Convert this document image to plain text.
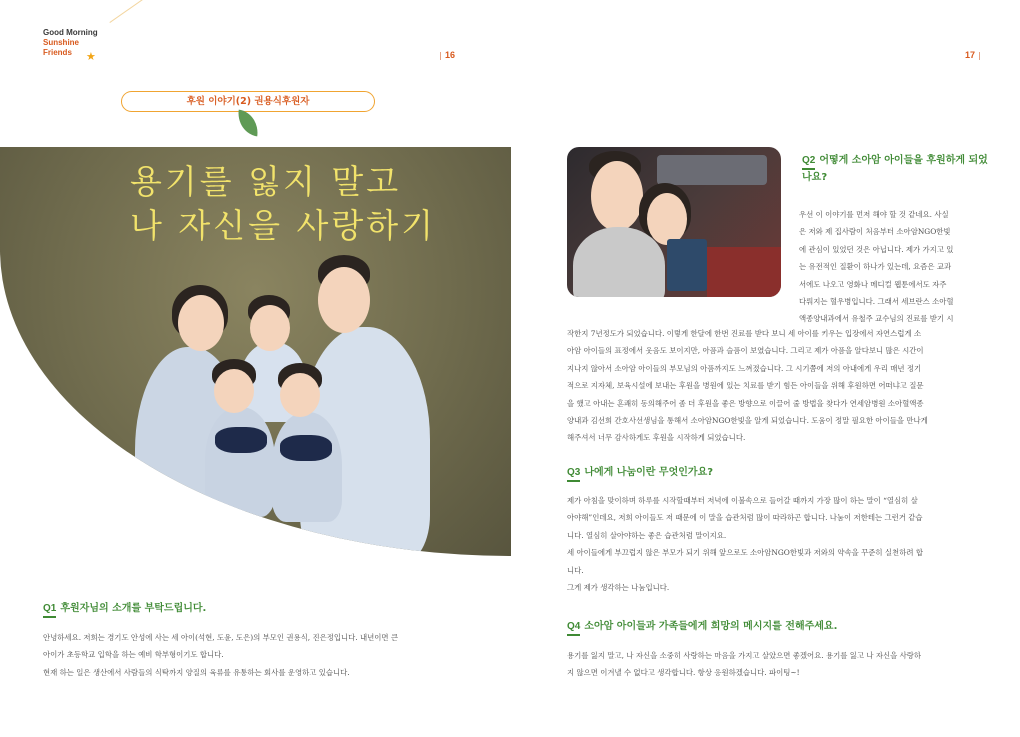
Good Morning
Sunshine
Friends	★	16	17
후원 이야기(2) 권용식후원자
용기를 잃지 말고
나 자신을 사랑하기
Q1 후원자님의 소개를 부탁드립니다.
안녕하세요. 저희는 경기도 안성에 사는 세 아이(석현, 도윤, 도은)의 부모인 권용식, 진은정입니다. 내년이면 큰
아이가 초등학교 입학을 하는 예비 학부형이기도 합니다.
현재 하는 일은 생산에서 사람들의 식탁까지 양질의 육류를 유통하는 회사를 운영하고 있습니다.
Q2 어떻게 소아암 아이들을 후원하게 되었
나요?
우선 이 이야기를 먼저 해야 할 것 같네요. 사실
은 저와 제 집사람이 처음부터 소아암NGO한빛
에 관심이 있었던 것은 아닙니다. 제가 가지고 있
는 유전적인 질환이 하나가 있는데, 요즘은 교과
서에도 나오고 영화나 메디컬 웹툰에서도 자주
다뤄지는 혈우병입니다. 그래서 세브란스 소아혈
액종양내과에서 유철주 교수님의 진료를 받기 시
작한지 7년정도가 되었습니다. 이렇게 한달에 한번 진료를 받다 보니 세 아이를 키우는 입장에서 자연스럽게 소
아암 아이들의 표정에서 웃음도 보이지만, 아픔과 슬픔이 보였습니다. 그리고 제가 아픔을 알다보니 많은 시간이
지나지 않아서 소아암 아이들의 부모님의 아픔까지도 느껴졌습니다. 그 시기쯤에 저의 아내에게 우리 매년 정기
적으로 지자체, 보육시설에 보내는 후원을 병원에 있는 치료를 받기 힘든 아이들을 위해 후원하면 어떠냐고 질문
을 했고 아내는 흔쾌히 동의해주어 좀 더 후원을 좋은 방향으로 이끌어 줄 방법을 찾다가 연세암병원 소아혈액종
양내과 김선희 간호사선생님을 통해서 소아암NGO한빛을 알게 되었습니다. 도움이 정말 필요한 아이들을 만나게
해주셔서 너무 감사하게도 후원을 시작하게 되었습니다.
Q3 나에게 나눔이란 무엇인가요?
제가 아침을 맞이하며 하루를 시작할때부터 저녁에 이불속으로 들어갈 때까지 가장 많이 하는 말이 “열심히 살
아야해”인데요, 저희 아이들도 저 때문에 이 말을 습관처럼 많이 따라하곤 합니다. 나눔이 저한테는 그런거 같습
니다. 열심히 살아야하는 좋은 습관처럼 말이지요.
세 아이들에게 부끄럽지 않은 부모가 되기 위해 앞으로도 소아암NGO한빛과 저와의 약속을 꾸준히 실천하려 합
니다.
그게 제가 생각하는 나눔입니다.
Q4 소아암 아이들과 가족들에게 희망의 메시지를 전해주세요.
용기를 잃지 말고, 나 자신을 소중히 사랑하는 마음을 가지고 살았으면 좋겠어요. 용기를 잃고 나 자신을 사랑하
지 않으면 이겨낼 수 없다고 생각합니다. 항상 응원하겠습니다. 파이팅~!
